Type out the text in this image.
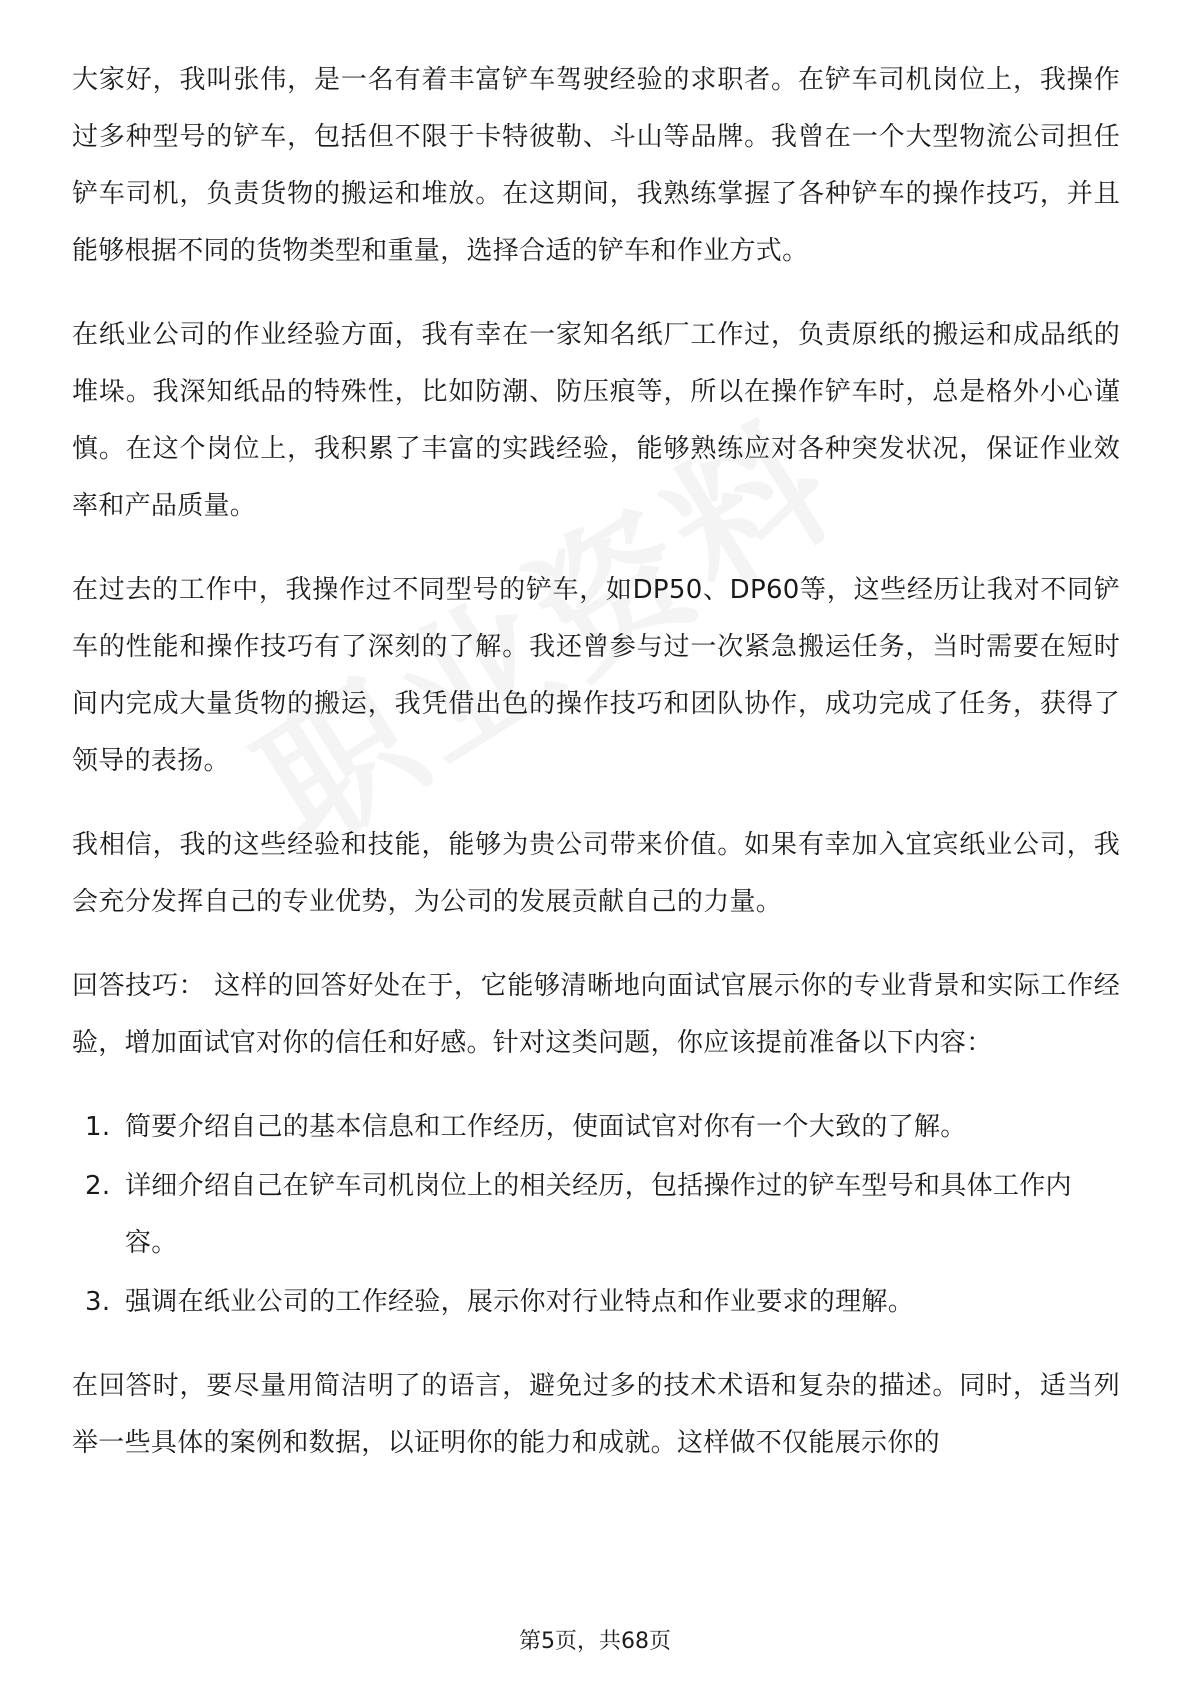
大家好，我叫张伟，是一名有着丰富铲车驾驶经验的求职者。在铲车司机岗位上，我操作过多种型号的铲车，包括但不限于卡特彼勒、斗山等品牌。我曾在一个大型物流公司担任铲车司机，负责货物的搬运和堆放。在这期间，我熟练掌握了各种铲车的操作技巧，并且能够根据不同的货物类型和重量，选择合适的铲车和作业方式。

在纸业公司的作业经验方面，我有幸在一家知名纸厂工作过，负责原纸的搬运和成品纸的堆垛。我深知纸品的特殊性，比如防潮、防压痕等，所以在操作铲车时，总是格外小心谨慎。在这个岗位上，我积累了丰富的实践经验，能够熟练应对各种突发状况，保证作业效率和产品质量。

在过去的工作中，我操作过不同型号的铲车，如DP50、DP60等，这些经历让我对不同铲车的性能和操作技巧有了深刻的了解。我还曾参与过一次紧急搬运任务，当时需要在短时间内完成大量货物的搬运，我凭借出色的操作技巧和团队协作，成功完成了任务，获得了领导的表扬。

我相信，我的这些经验和技能，能够为贵公司带来价值。如果有幸加入宜宾纸业公司，我会充分发挥自己的专业优势，为公司的发展贡献自己的力量。

回答技巧： 这样的回答好处在于，它能够清晰地向面试官展示你的专业背景和实际工作经验，增加面试官对你的信任和好感。针对这类问题，你应该提前准备以下内容：

1. 简要介绍自己的基本信息和工作经历，使面试官对你有一个大致的了解。
2. 详细介绍自己在铲车司机岗位上的相关经历，包括操作过的铲车型号和具体工作内容。
3. 强调在纸业公司的工作经验，展示你对行业特点和作业要求的理解。

在回答时，要尽量用简洁明了的语言，避免过多的技术术语和复杂的描述。同时，适当列举一些具体的案例和数据，以证明你的能力和成就。这样做不仅能展示你的

第5页，共68页
